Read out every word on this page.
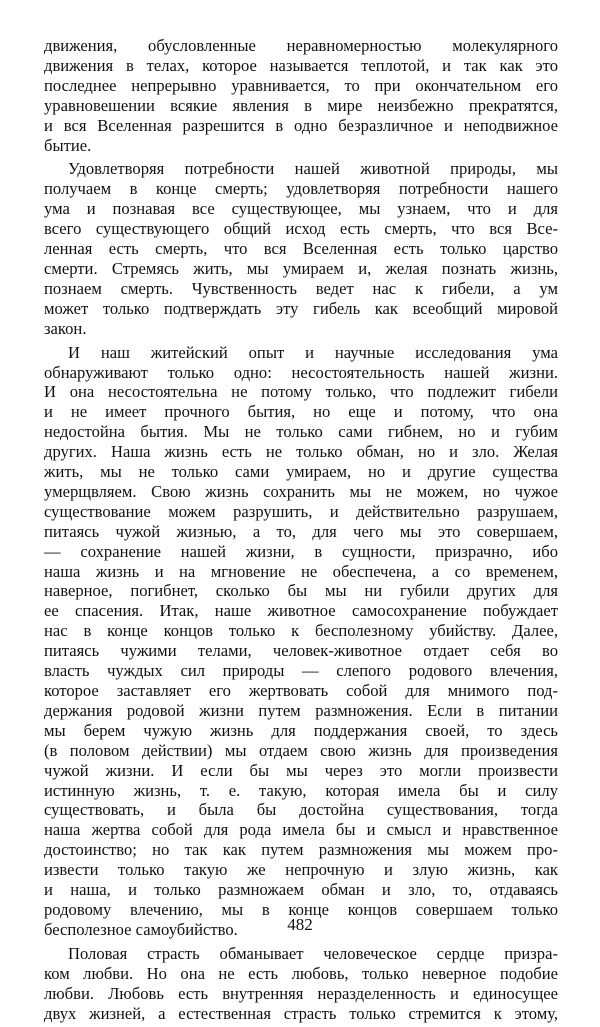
движения, обусловленные неравномерностью молекулярного
движения в телах, которое называется теплотой, и так как это
последнее непрерывно уравнивается, то при окончательном его
уравновешении всякие явления в мире неизбежно прекратятся,
и вся Вселенная разрешится в одно безразличное и неподвижное
бытие.
Удовлетворяя потребности нашей животной природы, мы
получаем в конце смерть; удовлетворяя потребности нашего
ума и познавая все существующее, мы узнаем, что и для
всего существующего общий исход есть смерть, что вся Все-
ленная есть смерть, что вся Вселенная есть только царство
смерти. Стремясь жить, мы умираем и, желая познать жизнь,
познаем смерть. Чувственность ведет нас к гибели, а ум
может только подтверждать эту гибель как всеобщий мировой
закон.
И наш житейский опыт и научные исследования ума
обнаруживают только одно: несостоятельность нашей жизни.
И она несостоятельна не потому только, что подлежит гибели
и не имеет прочного бытия, но еще и потому, что она
недостойна бытия. Мы не только сами гибнем, но и губим
других. Наша жизнь есть не только обман, но и зло. Желая
жить, мы не только сами умираем, но и другие существа
умерщвляем. Свою жизнь сохранить мы не можем, но чужое
существование можем разрушить, и действительно разрушаем,
питаясь чужой жизнью, а то, для чего мы это совершаем,
— сохранение нашей жизни, в сущности, призрачно, ибо
наша жизнь и на мгновение не обеспечена, а со временем,
наверное, погибнет, сколько бы мы ни губили других для
ее спасения. Итак, наше животное самосохранение побуждает
нас в конце концов только к бесполезному убийству. Далее,
питаясь чужими телами, человек-животное отдает себя во
власть чуждых сил природы — слепого родового влечения,
которое заставляет его жертвовать собой для мнимого под-
держания родовой жизни путем размножения. Если в питании
мы берем чужую жизнь для поддержания своей, то здесь
(в половом действии) мы отдаем свою жизнь для произведения
чужой жизни. И если бы мы через это могли произвести
истинную жизнь, т. е. такую, которая имела бы и силу
существовать, и была бы достойна существования, тогда
наша жертва собой для рода имела бы и смысл и нравственное
достоинство; но так как путем размножения мы можем про-
извести только такую же непрочную и злую жизнь, как
и наша, и только размножаем обман и зло, то, отдаваясь
родовому влечению, мы в конце концов совершаем только
бесполезное самоубийство.
Половая страсть обманывает человеческое сердце призра-
ком любви. Но она не есть любовь, только неверное подобие
любви. Любовь есть внутренняя неразделенность и единосущее
двух жизней, а естественная страсть только стремится к этому,
482
